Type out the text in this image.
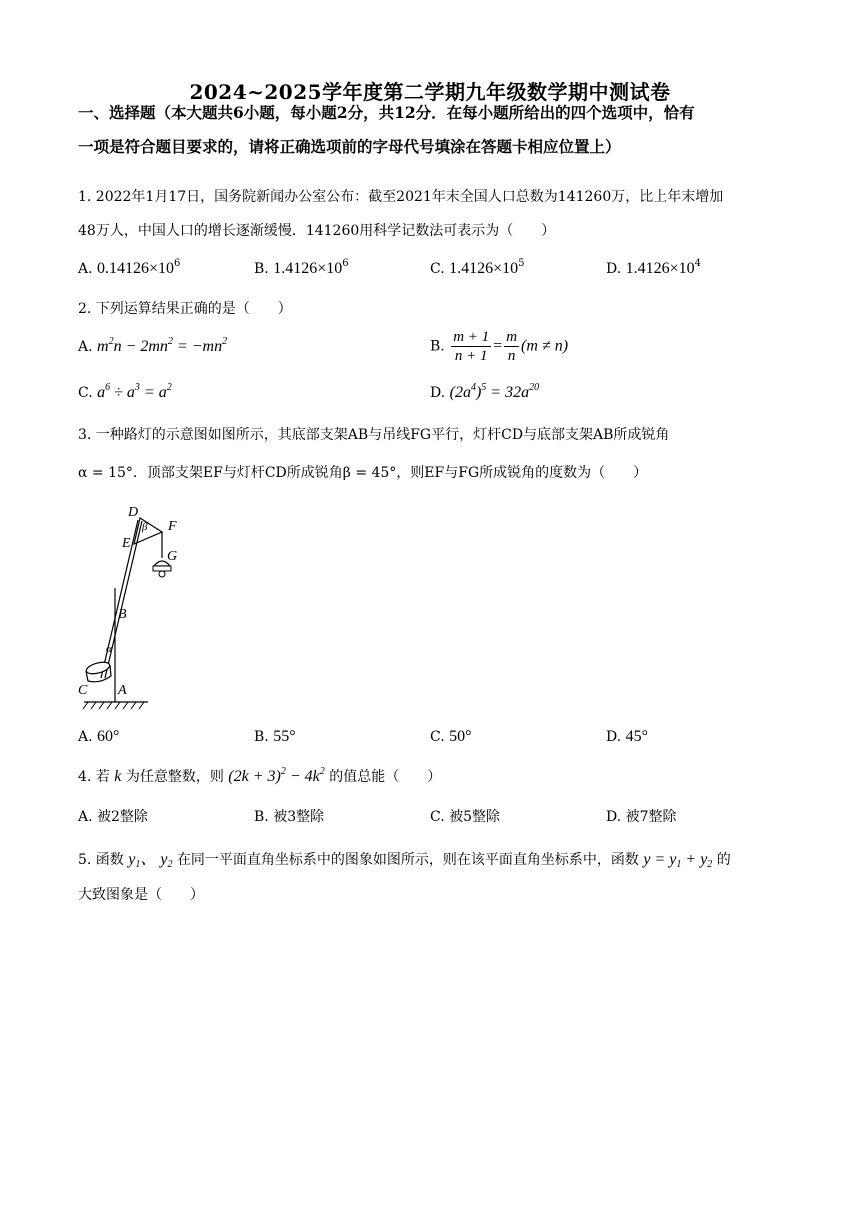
2024~2025学年度第二学期九年级数学期中测试卷
一、选择题（本大题共6小题，每小题2分，共12分．在每小题所给出的四个选项中，恰有
一项是符合题目要求的，请将正确选项前的字母代号填涂在答题卡相应位置上）
1. 2022年1月17日，国务院新闻办公室公布：截至2021年末全国人口总数为141260万，比上年末增加
48万人，中国人口的增长逐渐缓慢．141260用科学记数法可表示为（　　）
A. $0.14126\times 10^6$	B. $1.4126\times 10^6$	C. $1.4126\times 10^5$	D. $1.4126\times 10^4$
2. 下列运算结果正确的是（　　）
A. $m^2n - 2mn^2 = -mn^2$	B. $\frac{m + 1}{n + 1} = \frac{m}{n} (m \ne n)$
C. $a^6 \div a^3 = a^2$	D. $(2a^4)^5 = 32a^{20}$
3. 一种路灯的示意图如图所示，其底部支架AB与吊线FG平行，灯杆CD与底部支架AB所成锐角
α = 15°．顶部支架EF与灯杆CD所成锐角β = 45°，则EF与FG所成锐角的度数为（　　）
D
E
F
G
B
C A
α
β
A. 60°	B. 55°	C. 50°	D. 45°
4. 若 k 为任意整数，则 $(2k + 3)^2 - 4k^2$ 的值总能（　　）
A. 被2整除	B. 被3整除	C. 被5整除	D. 被7整除
5. 函数 $y_1$、 $y_2$ 在同一平面直角坐标系中的图象如图所示，则在该平面直角坐标系中，函数 $y = y_1 + y_2$ 的
大致图象是（　　）
